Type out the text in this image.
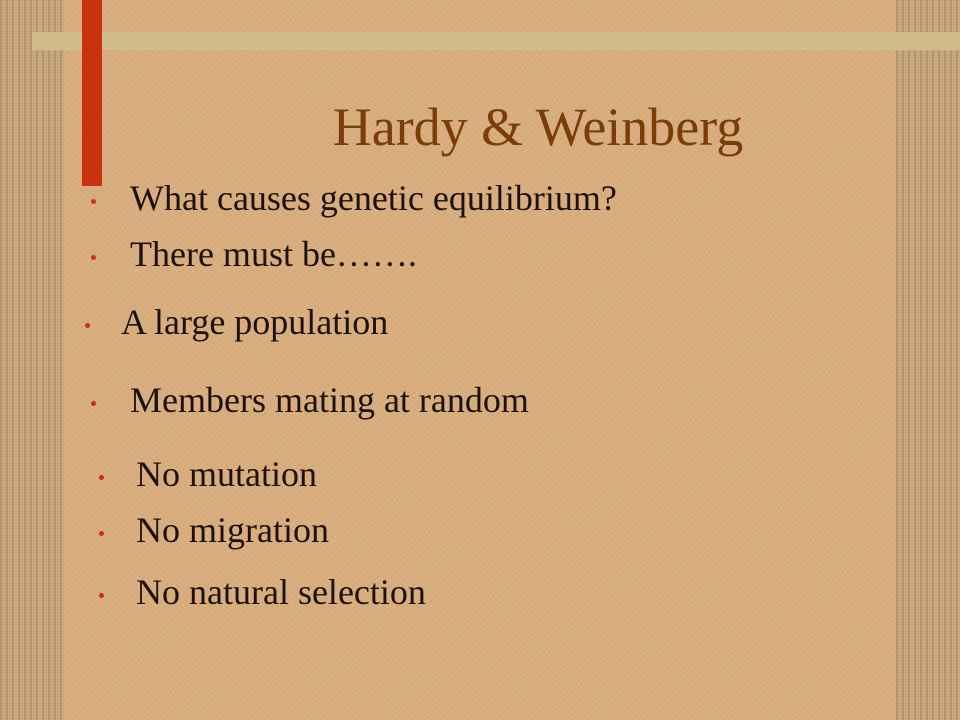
Hardy & Weinberg
What causes genetic equilibrium?
There must be…….
A large population
Members mating at random
No mutation
No migration
No natural selection
